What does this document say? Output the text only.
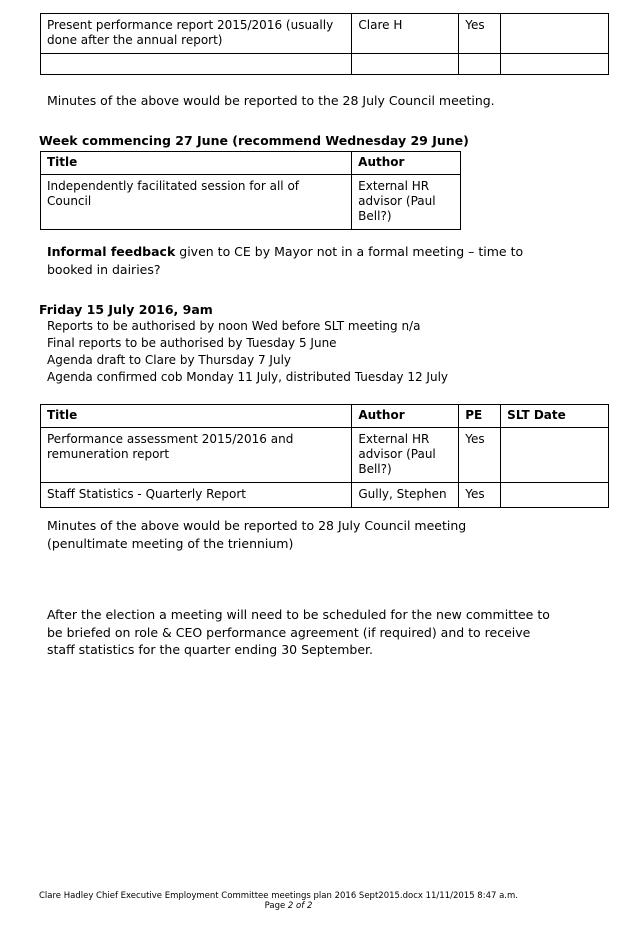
Present performance report 2015/2016 (usually done after the annual report)	Clare H	Yes	

Minutes of the above would be reported to the 28 July Council meeting.
Week commencing 27 June (recommend Wednesday 29 June)
Title	Author
Independently facilitated session for all of Council	External HR advisor (Paul Bell?)
Informal feedback given to CE by Mayor not in a formal meeting – time to booked in dairies?
Friday 15 July 2016, 9am
Reports to be authorised by noon Wed before SLT meeting n/a
Final reports to be authorised by Tuesday 5 June
Agenda draft to Clare by Thursday 7 July
Agenda confirmed cob Monday 11 July, distributed Tuesday 12 July
Title	Author	PE	SLT Date
Performance assessment 2015/2016 and remuneration report	External HR advisor (Paul Bell?)	Yes	
Staff Statistics - Quarterly Report	Gully, Stephen	Yes	
Minutes of the above would be reported to 28 July Council meeting (penultimate meeting of the triennium)
After the election a meeting will need to be scheduled for the new committee to be briefed on role & CEO performance agreement (if required) and to receive staff statistics for the quarter ending 30 September.
Clare Hadley Chief Executive Employment Committee meetings plan 2016 Sept2015.docx 11/11/2015 8:47 a.m.
Page 2 of 2
